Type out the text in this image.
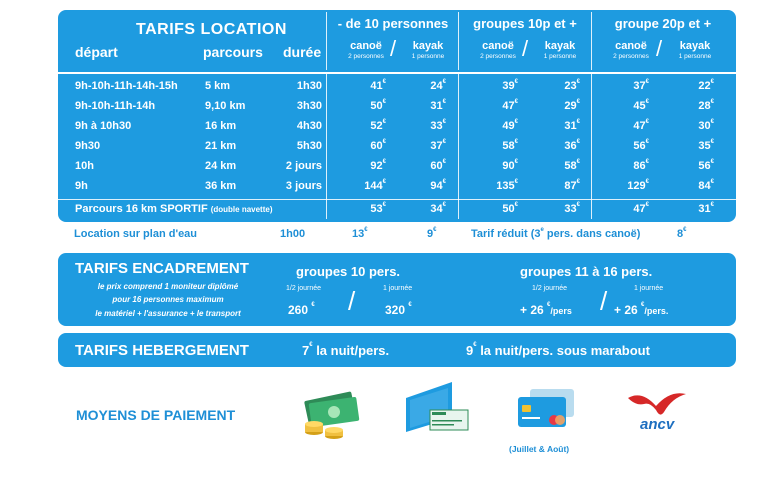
TARIFS LOCATION
départ	parcours durée
- de 10 personnes
canoë
2 personnes /	kayak
1 personne
groupes 10p et +
canoë
2 personnes /	kayak
1 personne
groupe 20p et +
canoë
2 personnes /	kayak
1 personne
9h-10h-11h-14h-15h 5 km	1h30	41€	24€	39€	23€	37€	22€
9h-10h-11h-14h	9,10 km	3h30	50€	31€	47€	29€	45€	28€
9h à 10h30	16 km	4h30	52€	33€	49€	31€	47€	30€
9h30	21 km	5h30	60€	37€	58€	36€	56€	35€
10h	24 km	2 jours	92€	60€	90€	58€	86€	56€
9h	36 km	3 jours	144€	94€	135€	87€	129€	84€
Parcours 16 km SPORTIF (double navette)	53€	34€	50€	33€	47€	31€
Location sur plan d'eau	1h00	13€	9€	Tarif réduit (3e pers. dans canoë)	8€
TARIFS ENCADREMENT
le prix comprend 1 moniteur diplômé
pour 16 personnes maximum
le matériel + l'assurance + le transport
groupes 10 pers.
1/2 journée	1 journée
/
260 €	320 €
groupes 11 à 16 pers.
1/2 journée	1 journée
/
+ 26 €/pers	+ 26 €/pers.
TARIFS HEBERGEMENT	7€ la nuit/pers.	9€ la nuit/pers. sous marabout
MOYENS DE PAIEMENT
(Juillet & Août)
ancv
